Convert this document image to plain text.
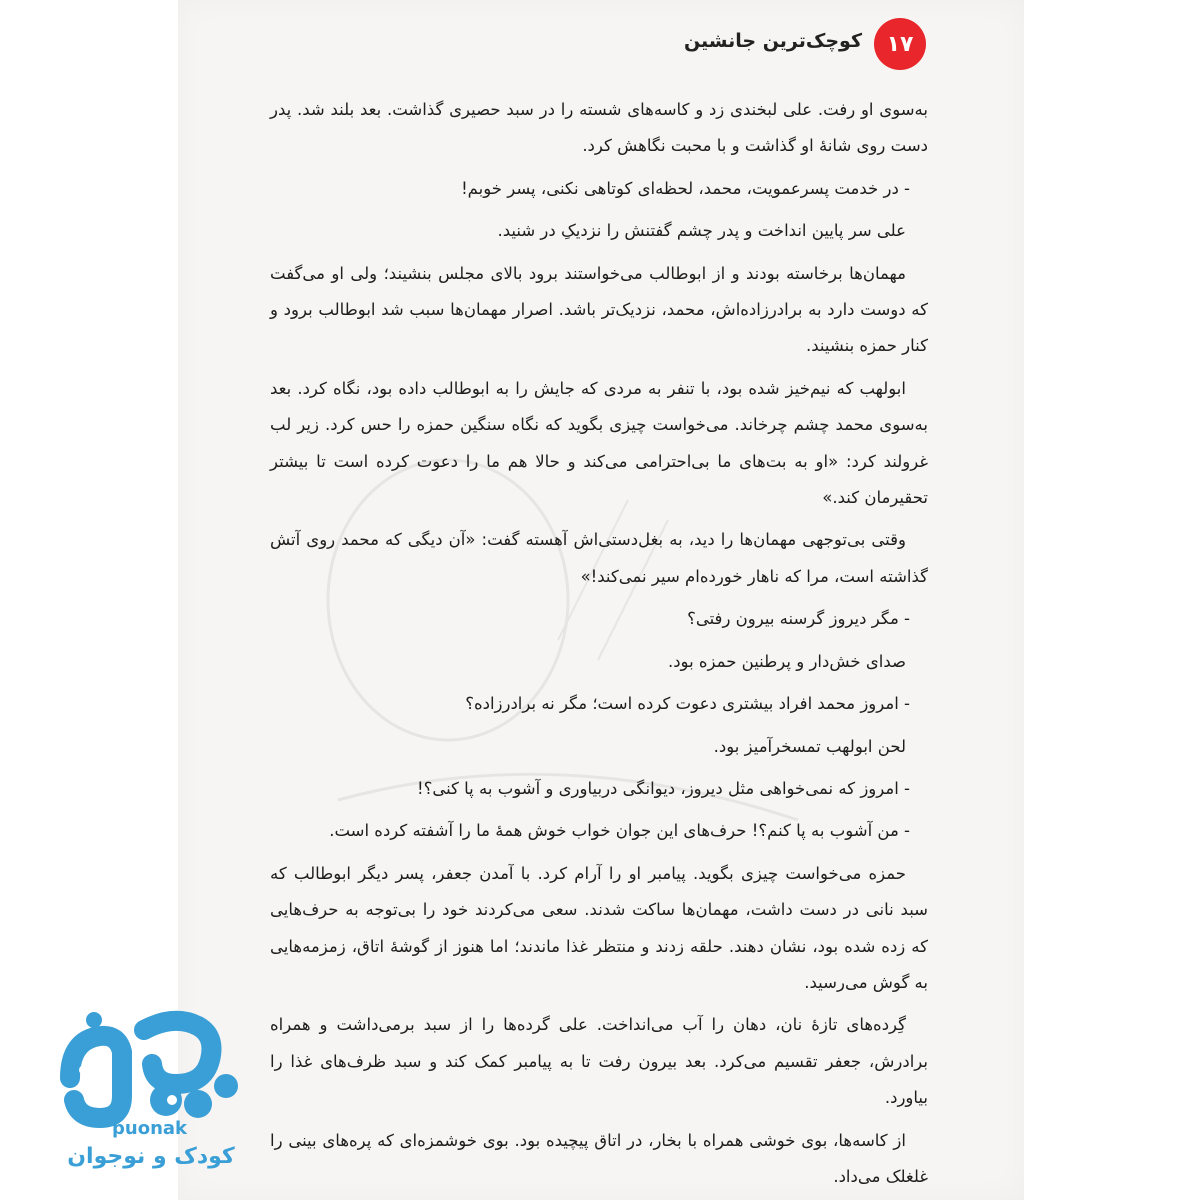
۱۷
کوچک‌ترین جانشین

به‌سوی او رفت. علی لبخندی زد و کاسه‌های شسته را در سبد حصیری گذاشت. بعد بلند شد. پدر دست روی شانهٔ او گذاشت و با محبت نگاهش کرد.

- در خدمت پسرعمویت، محمد، لحظه‌ای کوتاهی نکنی، پسر خوبم!

علی سر پایین انداخت و پدر چشم گفتنش را نزدیکِ در شنید.

مهمان‌ها برخاسته بودند و از ابوطالب می‌خواستند برود بالای مجلس بنشیند؛ ولی او می‌گفت که دوست دارد به برادرزاده‌اش، محمد، نزدیک‌تر باشد. اصرار مهمان‌ها سبب شد ابوطالب برود و کنار حمزه بنشیند.

ابولهب که نیم‌خیز شده بود، با تنفر به مردی که جایش را به ابوطالب داده بود، نگاه کرد. بعد به‌سوی محمد چشم چرخاند. می‌خواست چیزی بگوید که نگاه سنگین حمزه را حس کرد. زیر لب غرولند کرد: «او به بت‌های ما بی‌احترامی می‌کند و حالا هم ما را دعوت کرده است تا بیشتر تحقیرمان کند.»

وقتی بی‌توجهی مهمان‌ها را دید، به بغل‌دستی‌اش آهسته گفت: «آن دیگی که محمد روی آتش گذاشته است، مرا که ناهار خورده‌ام سیر نمی‌کند!»

- مگر دیروز گرسنه بیرون رفتی؟

صدای خش‌دار و پرطنین حمزه بود.

- امروز محمد افراد بیشتری دعوت کرده است؛ مگر نه برادرزاده؟

لحن ابولهب تمسخرآمیز بود.

- امروز که نمی‌خواهی مثل دیروز، دیوانگی دربیاوری و آشوب به پا کنی؟!

- من آشوب به پا کنم؟! حرف‌های این جوان خواب خوش همهٔ ما را آشفته کرده است.

حمزه می‌خواست چیزی بگوید. پیامبر او را آرام کرد. با آمدن جعفر، پسر دیگر ابوطالب که سبد نانی در دست داشت، مهمان‌ها ساکت شدند. سعی می‌کردند خود را بی‌توجه به حرف‌هایی که زده شده بود، نشان دهند. حلقه زدند و منتظر غذا ماندند؛ اما هنوز از گوشهٔ اتاق، زمزمه‌هایی به گوش می‌رسید.

گِرده‌های تازهٔ نان، دهان را آب می‌انداخت. علی گرده‌ها را از سبد برمی‌داشت و همراه برادرش، جعفر تقسیم می‌کرد. بعد بیرون رفت تا به پیامبر کمک کند و سبد ظرف‌های غذا را بیاورد.

از کاسه‌ها، بوی خوشی همراه با بخار، در اتاق پیچیده بود. بوی خوشمزه‌ای که پره‌های بینی را غلغلک می‌داد.

puonak
کودک و نوجوان
